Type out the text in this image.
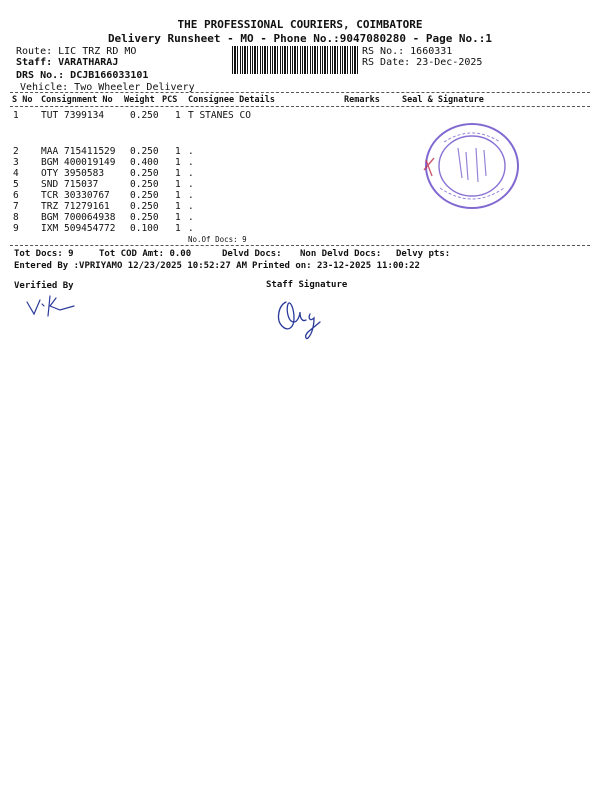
THE PROFESSIONAL COURIERS, COIMBATORE
Delivery Runsheet - MO - Phone No.:9047080280 - Page No.:1
Route: LIC TRZ RD MO
Staff: VARATHARAJ
DRS No.: DCJB166033101
Vehicle: Two Wheeler Delivery
RS No.: 1660331
RS Date: 23-Dec-2025
S No Consignment No Weight PCS Consignee Details	Remarks	Seal & Signature
1 TUT 7399134	0.250 1 T STANES CO
2 MAA 715411529 0.250 1 .
3 BGM 400019149 0.400 1 .
4 OTY 3950583	0.250 1 .
5 SND 715037	0.250 1 .
6 TCR 30330767 0.250 1 .
7 TRZ 71279161 0.250 1 .
8 BGM 700064938 0.250 1 .
9 IXM 509454772 0.100 1 .
No.Of Docs: 9
Tot Docs: 9	Tot COD Amt: 0.00	Delvd Docs: Non Delvd Docs: Delvy pts:
Entered By :VPRIYAMO 12/23/2025 10:52:27 AM Printed on: 23-12-2025 11:00:22
Verified By	Staff Signature
